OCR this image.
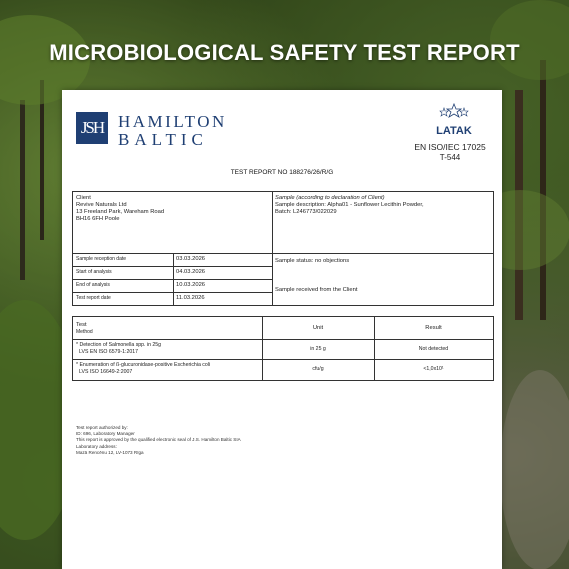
MICROBIOLOGICAL SAFETY TEST REPORT
JSH HAMILTON
BALTIC	LATAK
EN ISO/IEC 17025
T-544
TEST REPORT NO 188276/26/R/G
Client
Revive Naturals Ltd
13 Freeland Park, Wareham Road
BH16 6FH Poole
Sample (according to declaration of Client)
Sample description: Alpha01 - Sunflower Lecithin Powder,
Batch: L246773/022029
Sample reception date	03.03.2026
Start of analysis	04.03.2026
End of analysis	10.03.2026
Test report date	11.03.2026
Sample status: no objections
Sample received from the Client
Test
Method
Unit	Result
* Detection of Salmonella spp. in 25g
LVS EN ISO 6579-1:2017	in 25 g	Not detected
* Enumeration of ß-glucuronidase-positive Escherichia coli
LVS ISO 16649-2:2007	cfu/g	<1,0x10¹
Test report authorized by:
ID: 696, Laboratory Manager
This report is approved by the qualified electronic seal of J.S. Hamilton Baltic SIA
Laboratory address:
Mazā Rencēnu 12, LV-1073 Rīga
